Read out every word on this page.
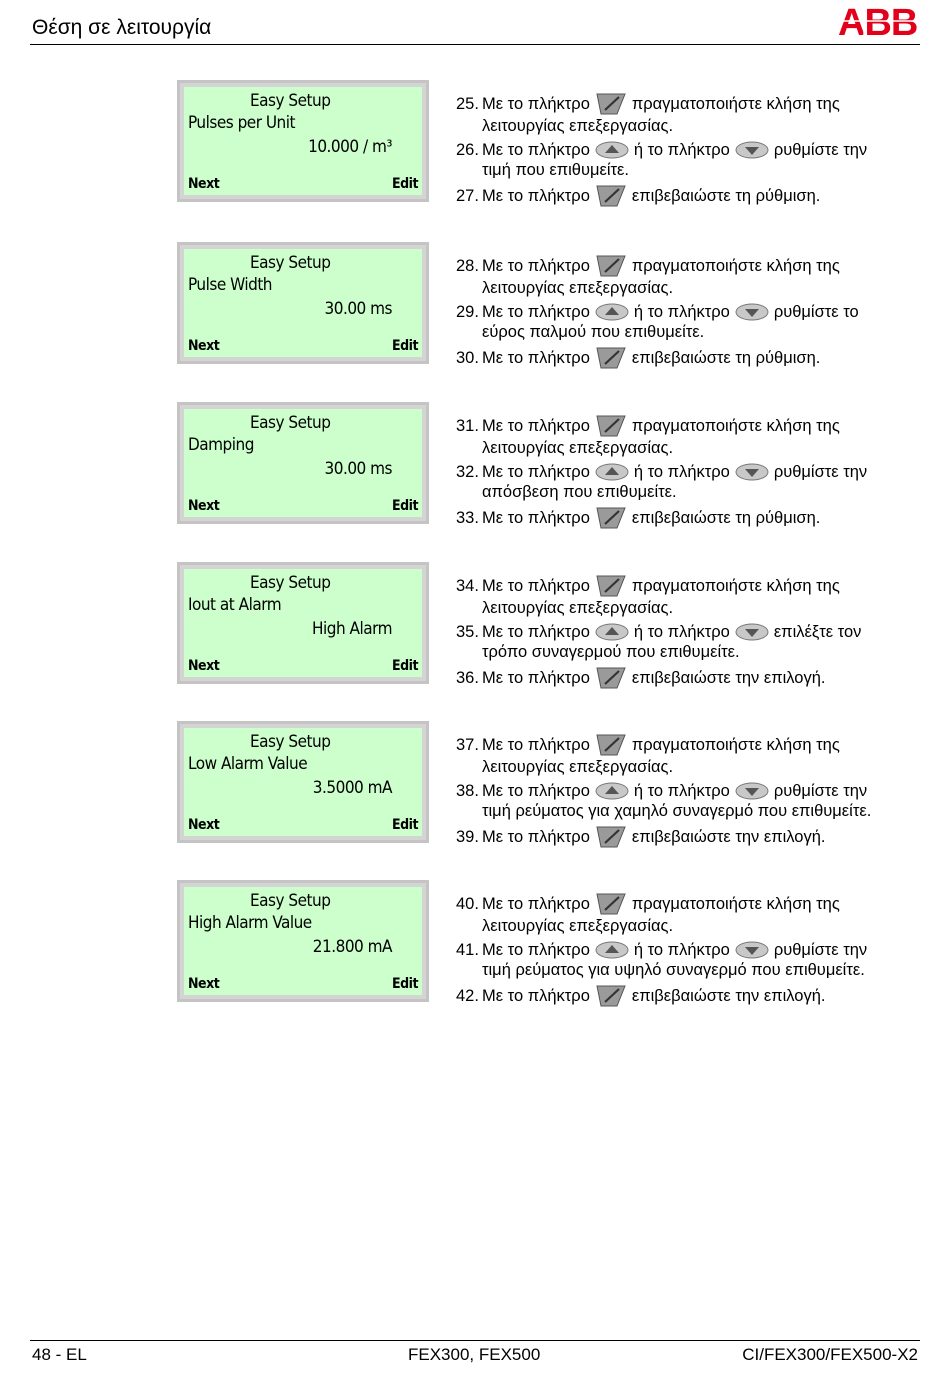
Θέση σε λειτουργία	ABB
Easy Setup
Pulses per Unit
10.000 / m³
Next	Edit
25. Με το πλήκτρο	πραγματοποιήστε κλήση της
λειτουργίας επεξεργασίας.
26. Με το πλήκτρο	ή το πλήκτρο	ρυθμίστε την
τιμή που επιθυμείτε.
27. Με το πλήκτρο	επιβεβαιώστε τη ρύθμιση.
Easy Setup
Pulse Width
30.00 ms
Next	Edit
28. Με το πλήκτρο	πραγματοποιήστε κλήση της
λειτουργίας επεξεργασίας.
29. Με το πλήκτρο	ή το πλήκτρο	ρυθμίστε το
εύρος παλμού που επιθυμείτε.
30. Με το πλήκτρο	επιβεβαιώστε τη ρύθμιση.
Easy Setup
Damping
30.00 ms
Next	Edit
31. Με το πλήκτρο	πραγματοποιήστε κλήση της
λειτουργίας επεξεργασίας.
32. Με το πλήκτρο	ή το πλήκτρο	ρυθμίστε την
απόσβεση που επιθυμείτε.
33. Με το πλήκτρο	επιβεβαιώστε τη ρύθμιση.
Easy Setup
Iout at Alarm
High Alarm
Next	Edit
34. Με το πλήκτρο	πραγματοποιήστε κλήση της
λειτουργίας επεξεργασίας.
35. Με το πλήκτρο	ή το πλήκτρο	επιλέξτε τον
τρόπο συναγερμού που επιθυμείτε.
36. Με το πλήκτρο	επιβεβαιώστε την επιλογή.
Easy Setup
Low Alarm Value
3.5000 mA
Next	Edit
37. Με το πλήκτρο	πραγματοποιήστε κλήση της
λειτουργίας επεξεργασίας.
38. Με το πλήκτρο	ή το πλήκτρο	ρυθμίστε την
τιμή ρεύματος για χαμηλό συναγερμό που επιθυμείτε.
39. Με το πλήκτρο	επιβεβαιώστε την επιλογή.
Easy Setup
High Alarm Value
21.800 mA
Next	Edit
40. Με το πλήκτρο	πραγματοποιήστε κλήση της
λειτουργίας επεξεργασίας.
41. Με το πλήκτρο	ή το πλήκτρο	ρυθμίστε την
τιμή ρεύματος για υψηλό συναγερμό που επιθυμείτε.
42. Με το πλήκτρο	επιβεβαιώστε την επιλογή.
48 - EL	FEX300, FEX500	CI/FEX300/FEX500-X2
